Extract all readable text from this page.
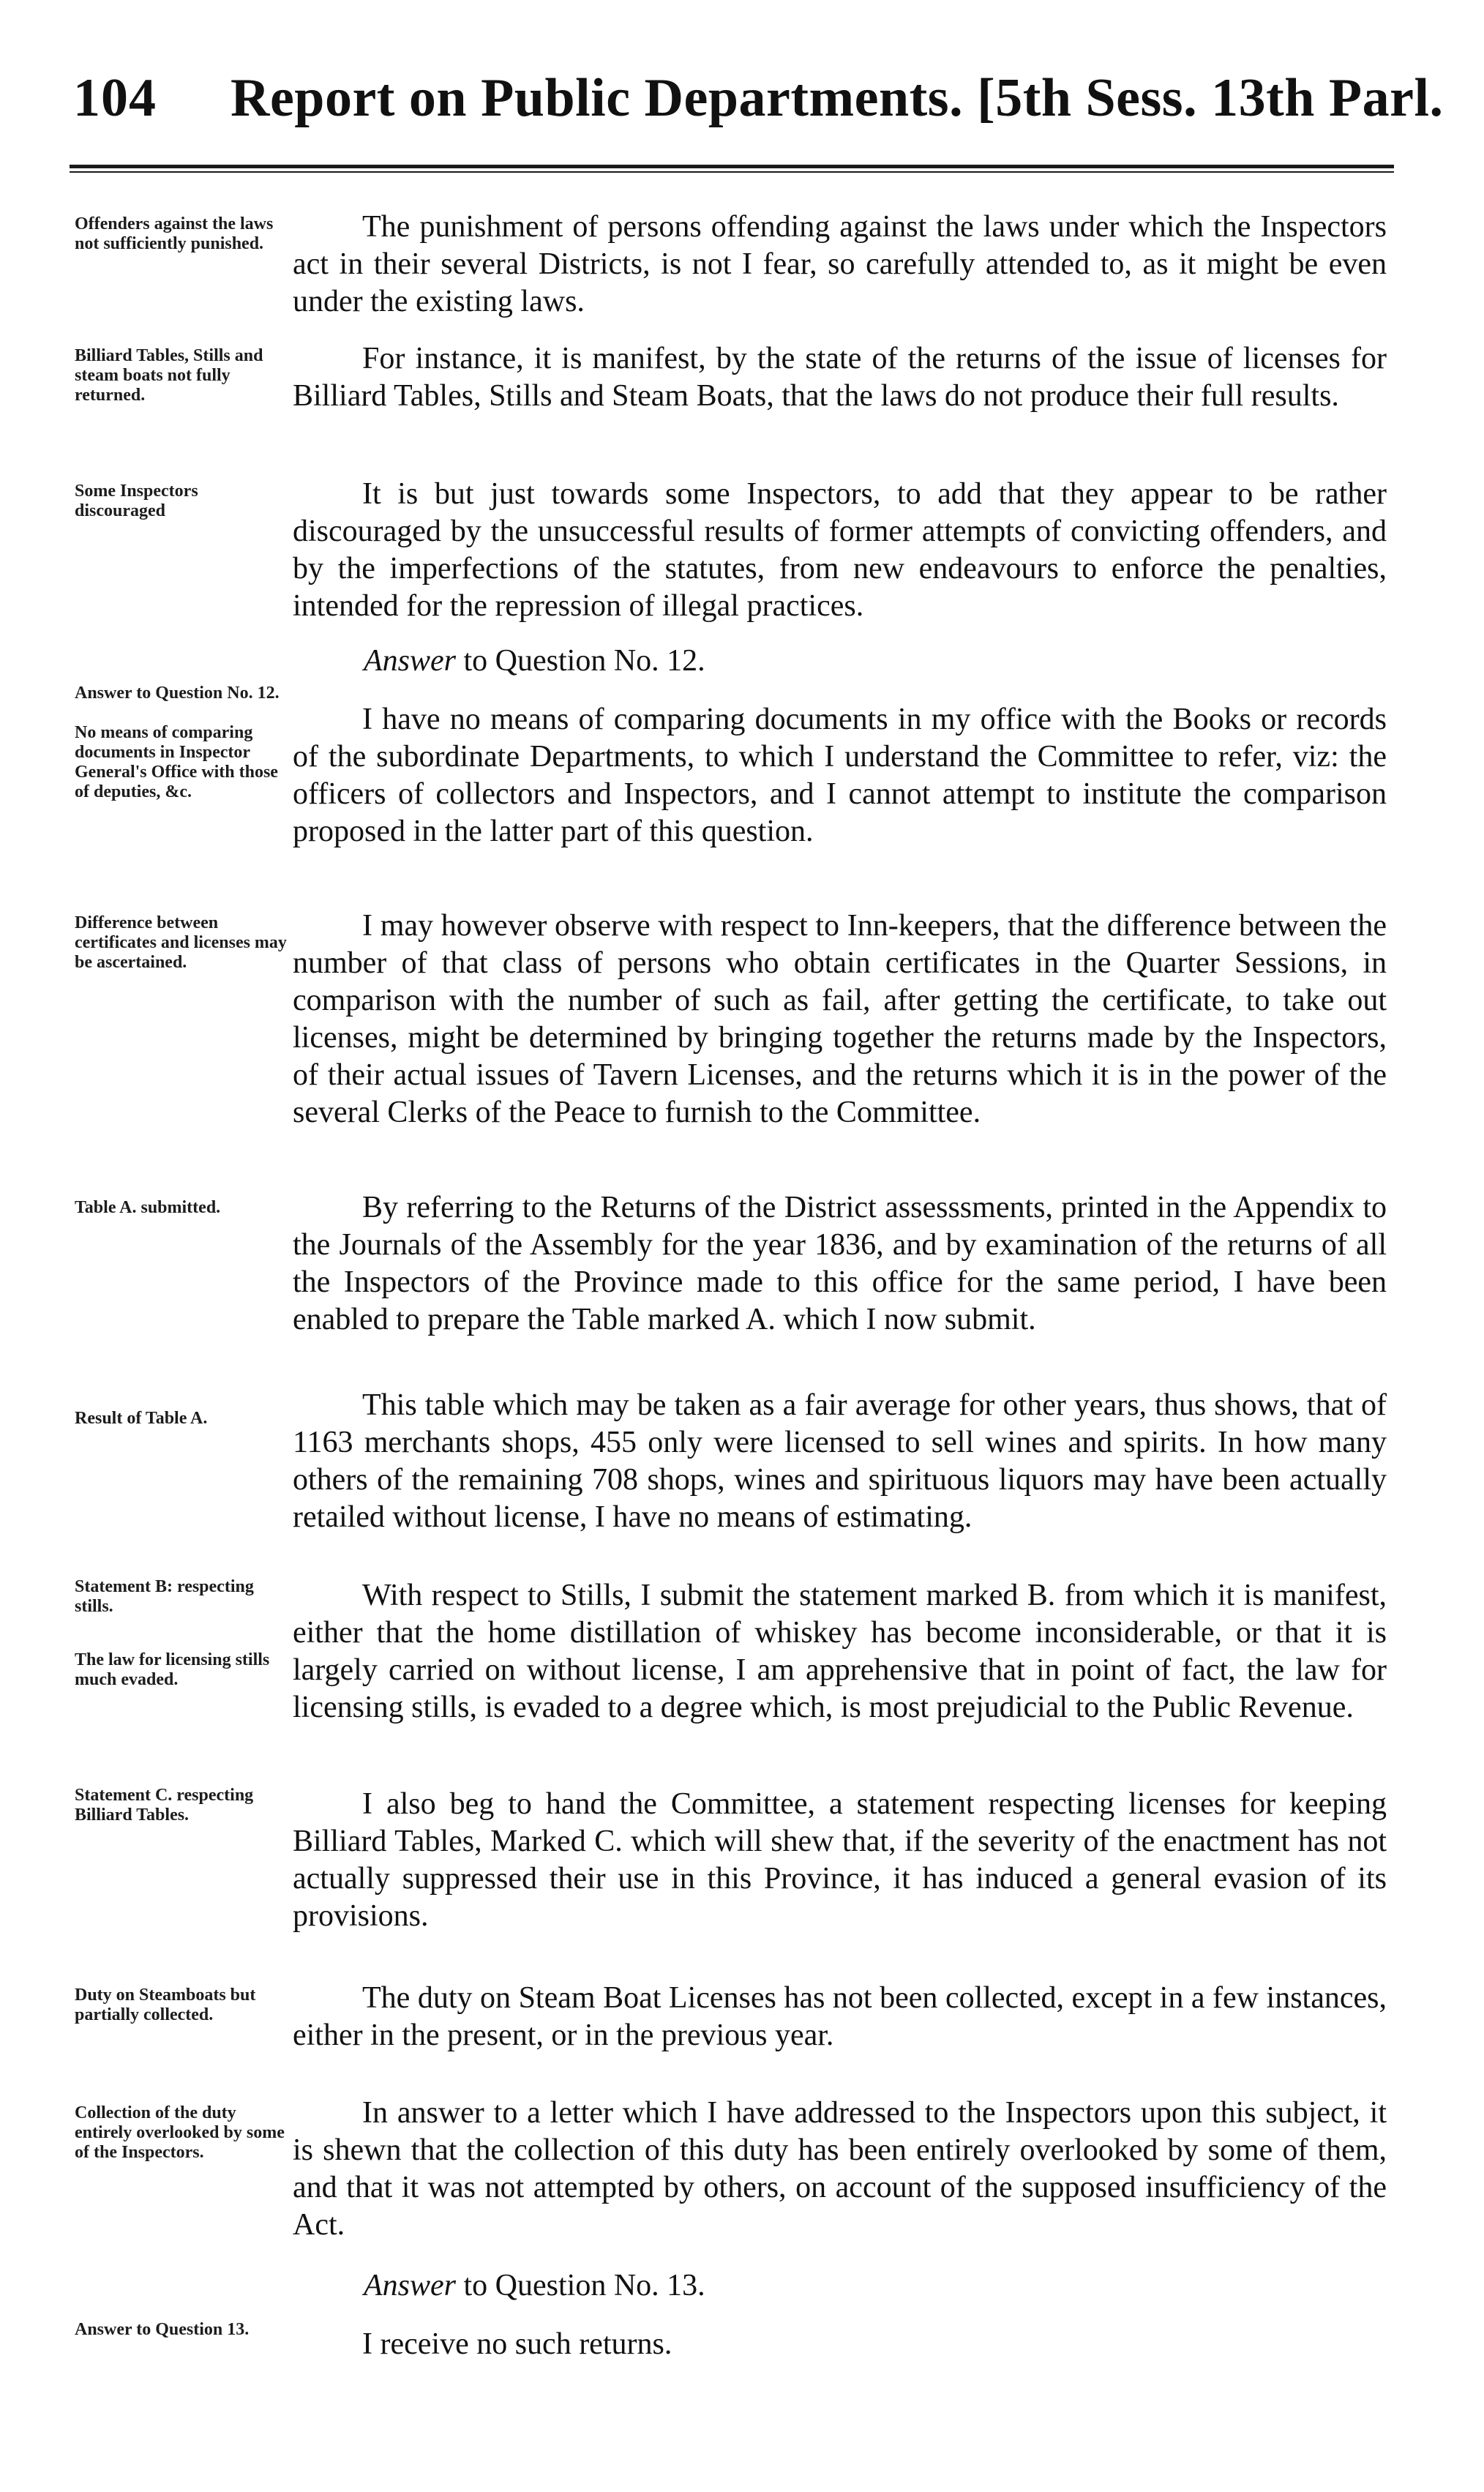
104 Report on Public Departments. [5th Sess. 13th Parl.
Offenders against the laws not sufficiently punished.	The punishment of persons offending against the laws under which the Inspectors act in their several Districts, is not I fear, so carefully attended to, as it might be even under the existing laws.
Billiard Tables, Stills and steam boats not fully returned.
For instance, it is manifest, by the state of the returns of the issue of licenses for Billiard Tables, Stills and Steam Boats, that the laws do not produce their full results.
Some Inspectors discouraged	It is but just towards some Inspectors, to add that they appear to be rather discouraged by the unsuccessful results of former attempts of convicting offenders, and by the imperfections of the statutes, from new endeavours to enforce the penalties, intended for the repression of illegal practices.
Answer to Question No. 12.
Answer to Question No. 12.
No means of comparing documents in Inspector General's Office with those of deputies, &c.
I have no means of comparing documents in my office with the Books or records of the subordinate Departments, to which I understand the Committee to refer, viz: the officers of collectors and Inspectors, and I cannot attempt to institute the comparison proposed in the latter part of this question.
Difference between certificates and licenses may be ascertained.
I may however observe with respect to Inn-keepers, that the difference between the number of that class of persons who obtain certificates in the Quarter Sessions, in comparison with the number of such as fail, after getting the certificate, to take out licenses, might be determined by bringing together the returns made by the Inspectors, of their actual issues of Tavern Licenses, and the returns which it is in the power of the several Clerks of the Peace to furnish to the Committee.
Table A. submitted.	By referring to the Returns of the District assesssments, printed in the Appendix to the Journals of the Assembly for the year 1836, and by examination of the returns of all the Inspectors of the Province made to this office for the same period, I have been enabled to prepare the Table marked A. which I now submit.
Result of Table A.	This table which may be taken as a fair average for other years, thus shows, that of 1163 merchants shops, 455 only were licensed to sell wines and spirits. In how many others of the remaining 708 shops, wines and spirituous liquors may have been actually retailed without license, I have no means of estimating.
Statement B: respecting stills.
The law for licensing stills much evaded.
With respect to Stills, I submit the statement marked B. from which it is manifest, either that the home distillation of whiskey has become inconsiderable, or that it is largely carried on without license, I am apprehensive that in point of fact, the law for licensing stills, is evaded to a degree which, is most prejudicial to the Public Revenue.
Statement C. respecting Billiard Tables.	I also beg to hand the Committee, a statement respecting licenses for keeping Billiard Tables, Marked C. which will shew that, if the severity of the enactment has not actually suppressed their use in this Province, it has induced a general evasion of its provisions.
Duty on Steamboats but partially collected.	The duty on Steam Boat Licenses has not been collected, except in a few instances, either in the present, or in the previous year.
Collection of the duty entirely overlooked by some of the Inspectors.
In answer to a letter which I have addressed to the Inspectors upon this subject, it is shewn that the collection of this duty has been entirely overlooked by some of them, and that it was not attempted by others, on account of the supposed insufficiency of the Act.
Answer to Question No. 13.
Answer to Question 13.	I receive no such returns.
